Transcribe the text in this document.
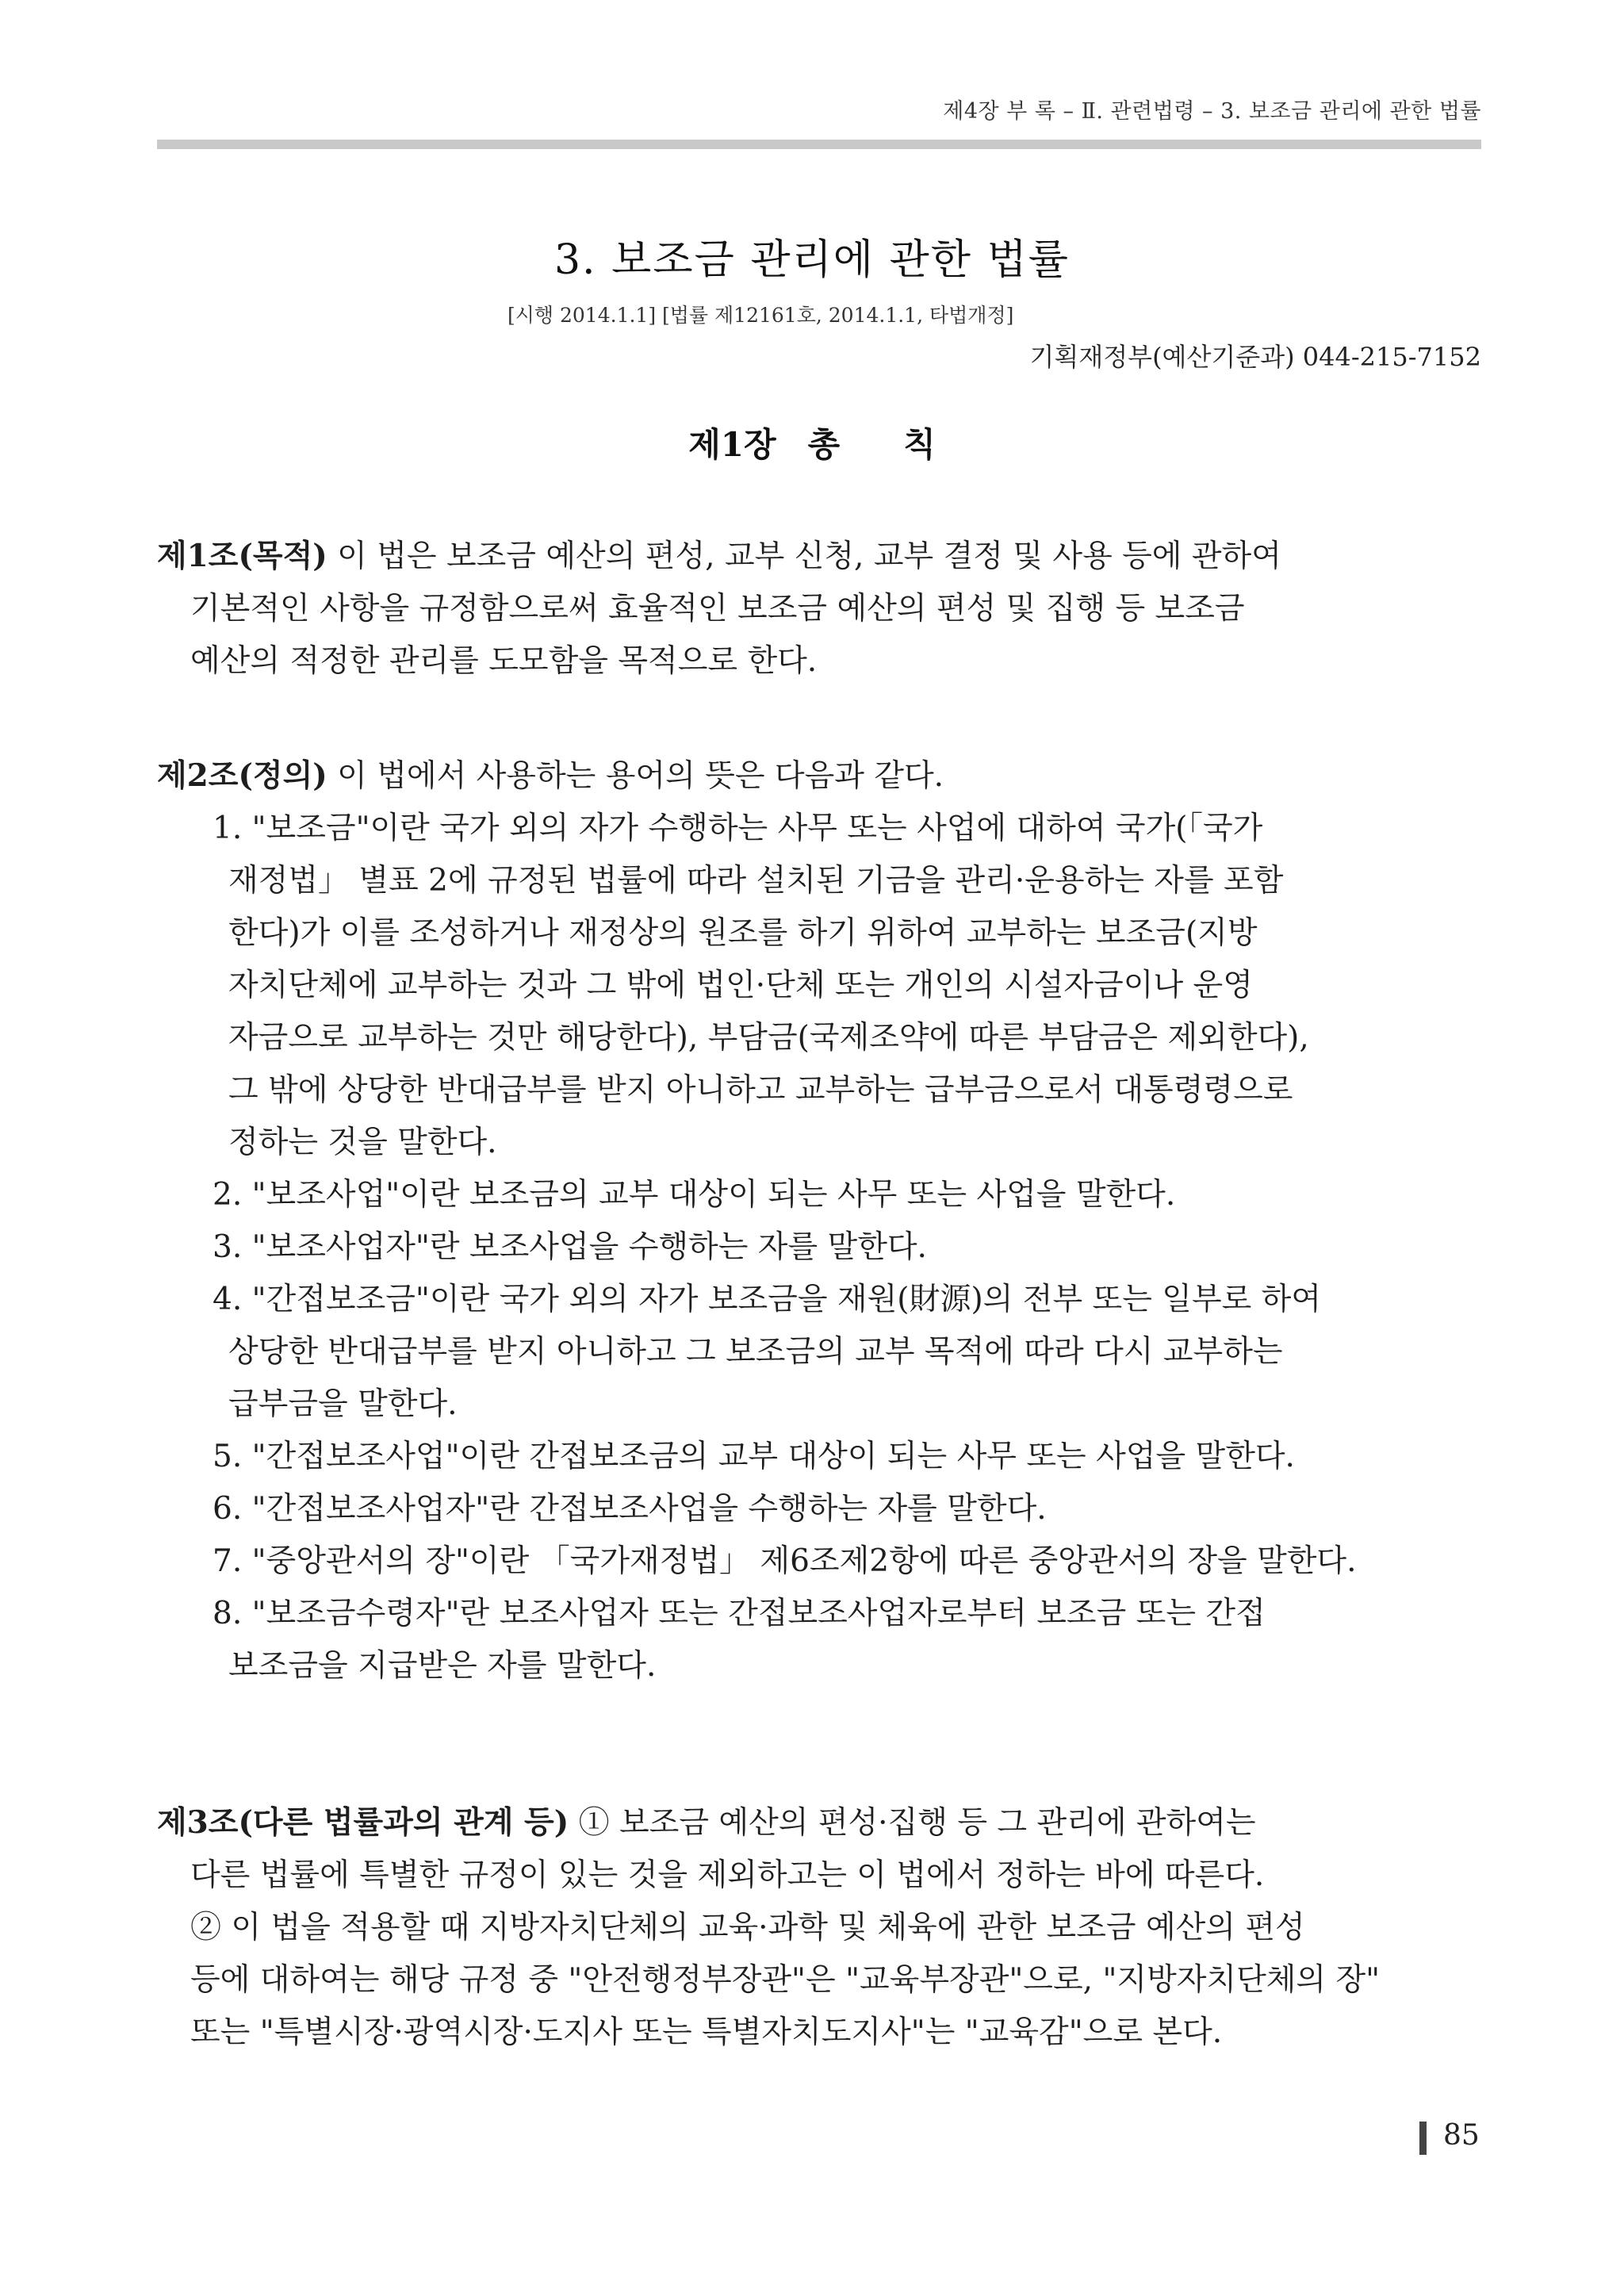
제4장 부 록 – Ⅱ. 관련법령 – 3. 보조금 관리에 관한 법률
3. 보조금 관리에 관한 법률
[시행 2014.1.1] [법률 제12161호, 2014.1.1, 타법개정]
기획재정부(예산기준과) 044-215-7152
제1장 총 칙
제1조(목적) 이 법은 보조금 예산의 편성, 교부 신청, 교부 결정 및 사용 등에 관하여
기본적인 사항을 규정함으로써 효율적인 보조금 예산의 편성 및 집행 등 보조금
예산의 적정한 관리를 도모함을 목적으로 한다.
제2조(정의) 이 법에서 사용하는 용어의 뜻은 다음과 같다.
1. "보조금"이란 국가 외의 자가 수행하는 사무 또는 사업에 대하여 국가(「국가
재정법」 별표 2에 규정된 법률에 따라 설치된 기금을 관리·운용하는 자를 포함
한다)가 이를 조성하거나 재정상의 원조를 하기 위하여 교부하는 보조금(지방
자치단체에 교부하는 것과 그 밖에 법인·단체 또는 개인의 시설자금이나 운영
자금으로 교부하는 것만 해당한다), 부담금(국제조약에 따른 부담금은 제외한다),
그 밖에 상당한 반대급부를 받지 아니하고 교부하는 급부금으로서 대통령령으로
정하는 것을 말한다.
2. "보조사업"이란 보조금의 교부 대상이 되는 사무 또는 사업을 말한다.
3. "보조사업자"란 보조사업을 수행하는 자를 말한다.
4. "간접보조금"이란 국가 외의 자가 보조금을 재원(財源)의 전부 또는 일부로 하여
상당한 반대급부를 받지 아니하고 그 보조금의 교부 목적에 따라 다시 교부하는
급부금을 말한다.
5. "간접보조사업"이란 간접보조금의 교부 대상이 되는 사무 또는 사업을 말한다.
6. "간접보조사업자"란 간접보조사업을 수행하는 자를 말한다.
7. "중앙관서의 장"이란 「국가재정법」 제6조제2항에 따른 중앙관서의 장을 말한다.
8. "보조금수령자"란 보조사업자 또는 간접보조사업자로부터 보조금 또는 간접
보조금을 지급받은 자를 말한다.
제3조(다른 법률과의 관계 등) ① 보조금 예산의 편성·집행 등 그 관리에 관하여는
다른 법률에 특별한 규정이 있는 것을 제외하고는 이 법에서 정하는 바에 따른다.
② 이 법을 적용할 때 지방자치단체의 교육·과학 및 체육에 관한 보조금 예산의 편성
등에 대하여는 해당 규정 중 "안전행정부장관"은 "교육부장관"으로, "지방자치단체의 장"
또는 "특별시장·광역시장·도지사 또는 특별자치도지사"는 "교육감"으로 본다.
85
